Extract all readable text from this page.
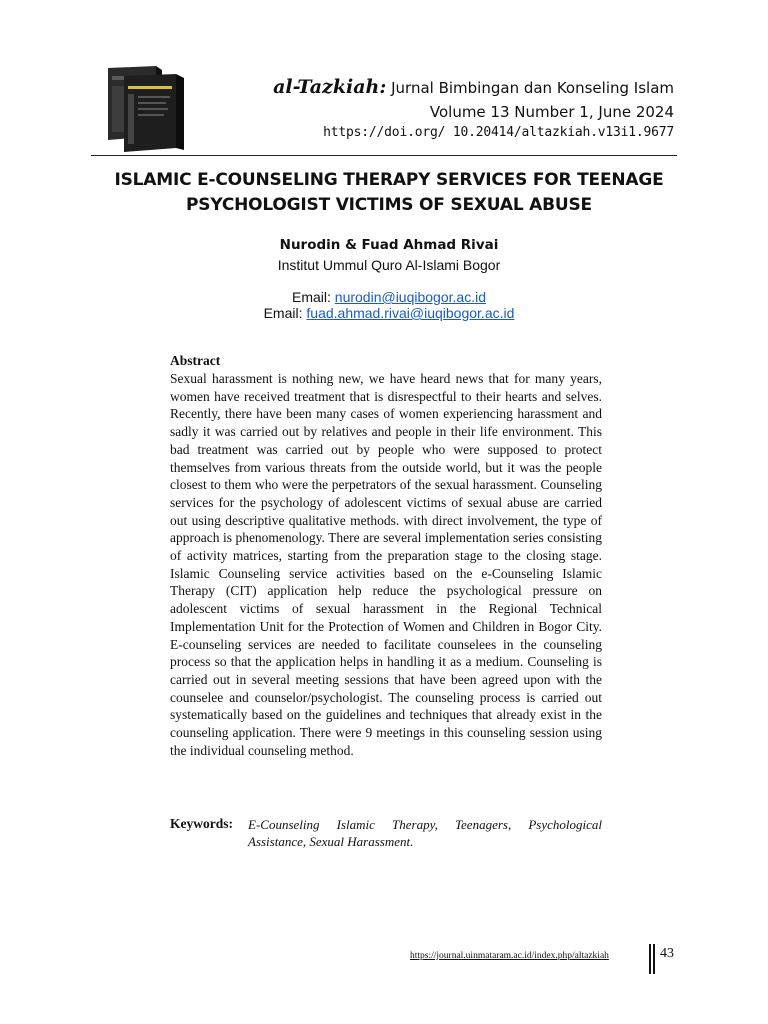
al-Tazkiah: Jurnal Bimbingan dan Konseling Islam
Volume 13 Number 1, June 2024
https://doi.org/ 10.20414/altazkiah.v13i1.9677
ISLAMIC E-COUNSELING THERAPY SERVICES FOR TEENAGE PSYCHOLOGIST VICTIMS OF SEXUAL ABUSE
Nurodin & Fuad Ahmad Rivai
Institut Ummul Quro Al-Islami Bogor
Email: nurodin@iuqibogor.ac.id
Email: fuad.ahmad.rivai@iuqibogor.ac.id
Abstract
Sexual harassment is nothing new, we have heard news that for many years, women have received treatment that is disrespectful to their hearts and selves. Recently, there have been many cases of women experiencing harassment and sadly it was carried out by relatives and people in their life environment. This bad treatment was carried out by people who were supposed to protect themselves from various threats from the outside world, but it was the people closest to them who were the perpetrators of the sexual harassment. Counseling services for the psychology of adolescent victims of sexual abuse are carried out using descriptive qualitative methods. with direct involvement, the type of approach is phenomenology. There are several implementation series consisting of activity matrices, starting from the preparation stage to the closing stage. Islamic Counseling service activities based on the e-Counseling Islamic Therapy (CIT) application help reduce the psychological pressure on adolescent victims of sexual harassment in the Regional Technical Implementation Unit for the Protection of Women and Children in Bogor City. E-counseling services are needed to facilitate counselees in the counseling process so that the application helps in handling it as a medium. Counseling is carried out in several meeting sessions that have been agreed upon with the counselee and counselor/psychologist. The counseling process is carried out systematically based on the guidelines and techniques that already exist in the counseling application. There were 9 meetings in this counseling session using the individual counseling method.
Keywords: E-Counseling Islamic Therapy, Teenagers, Psychological Assistance, Sexual Harassment.
https://journal.uinmataram.ac.id/index.php/altazkiah	43
